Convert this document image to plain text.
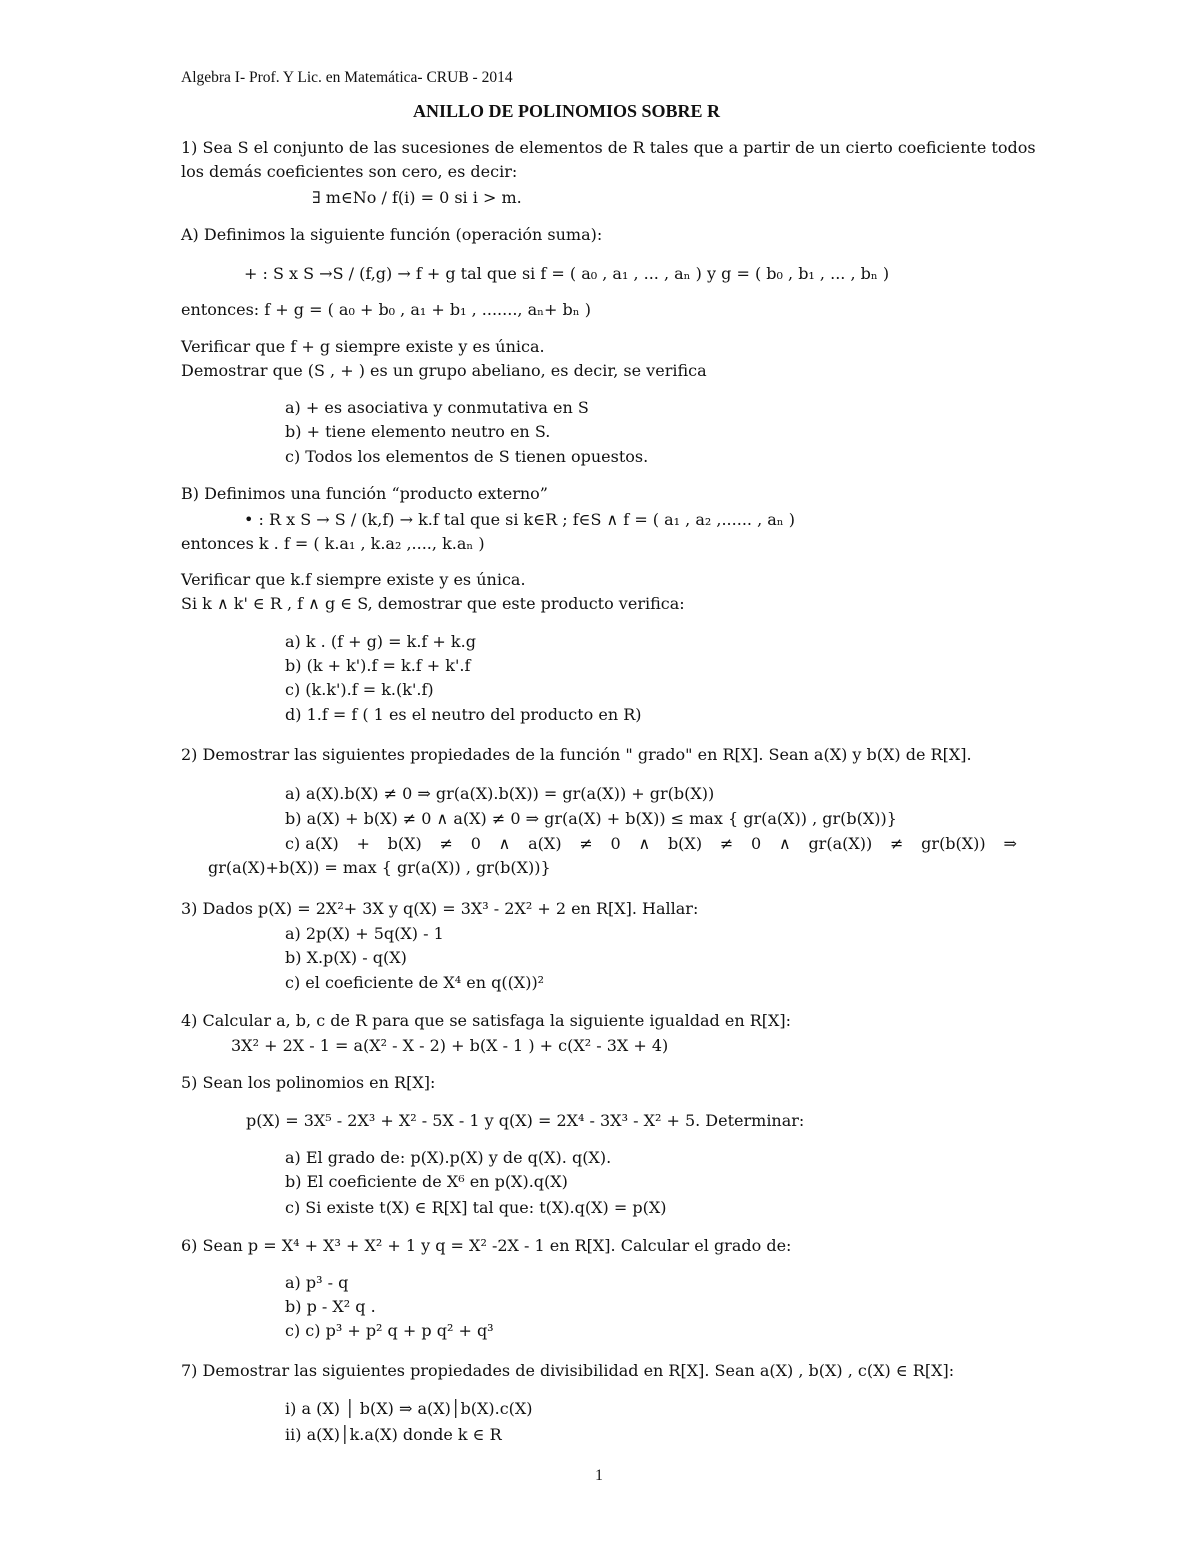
Algebra I- Prof. Y Lic. en Matemática- CRUB - 2014
ANILLO DE POLINOMIOS SOBRE R
1) Sea S el conjunto de las sucesiones de elementos de R tales que a partir de un cierto coeficiente todos
los demás coeficientes son cero, es decir:
∃ m∈No / f(i) = 0 si i > m.
A) Definimos la siguiente función (operación suma):
+ : S x S →S / (f,g) → f + g tal que si f = ( a₀ , a₁ , ... , aₙ ) y g = ( b₀ , b₁ , ... , bₙ )
entonces: f + g = ( a₀ + b₀ , a₁ + b₁ , ......., aₙ+ bₙ )
Verificar que f + g siempre existe y es única.
Demostrar que (S , + ) es un grupo abeliano, es decir, se verifica
a) + es asociativa y conmutativa en S
b) + tiene elemento neutro en S.
c) Todos los elementos de S tienen opuestos.
B) Definimos una función “producto externo”
• : R x S → S / (k,f) → k.f tal que si k∈R ; f∈S ∧ f = ( a₁ , a₂ ,...... , aₙ )
entonces k . f = ( k.a₁ , k.a₂ ,...., k.aₙ )
Verificar que k.f siempre existe y es única.
Si k ∧ k' ∈ R , f ∧ g ∈ S, demostrar que este producto verifica:
a) k . (f + g) = k.f + k.g
b) (k + k').f = k.f + k'.f
c) (k.k').f = k.(k'.f)
d) 1.f = f ( 1 es el neutro del producto en R)
2) Demostrar las siguientes propiedades de la función " grado" en R[X]. Sean a(X) y b(X) de R[X].
a) a(X).b(X) ≠ 0 ⇒ gr(a(X).b(X)) = gr(a(X)) + gr(b(X))
b) a(X) + b(X) ≠ 0 ∧ a(X) ≠ 0 ⇒ gr(a(X) + b(X)) ≤ max { gr(a(X)) , gr(b(X))}
c) a(X) + b(X) ≠ 0 ∧ a(X) ≠ 0 ∧ b(X) ≠ 0 ∧ gr(a(X)) ≠ gr(b(X)) ⇒
gr(a(X)+b(X)) = max { gr(a(X)) , gr(b(X))}
3) Dados p(X) = 2X²+ 3X y q(X) = 3X³ - 2X² + 2 en R[X]. Hallar:
a) 2p(X) + 5q(X) - 1
b) X.p(X) - q(X)
c) el coeficiente de X⁴ en q((X))²
4) Calcular a, b, c de R para que se satisfaga la siguiente igualdad en R[X]:
3X² + 2X - 1 = a(X² - X - 2) + b(X - 1 ) + c(X² - 3X + 4)
5) Sean los polinomios en R[X]:
p(X) = 3X⁵ - 2X³ + X² - 5X - 1 y q(X) = 2X⁴ - 3X³ - X² + 5. Determinar:
a) El grado de: p(X).p(X) y de q(X). q(X).
b) El coeficiente de X⁶ en p(X).q(X)
c) Si existe t(X) ∈ R[X] tal que: t(X).q(X) = p(X)
6) Sean p = X⁴ + X³ + X² + 1 y q = X² -2X - 1 en R[X]. Calcular el grado de:
a) p³ - q
b) p - X² q .
c) c) p³ + p² q + p q² + q³
7) Demostrar las siguientes propiedades de divisibilidad en R[X]. Sean a(X) , b(X) , c(X) ∈ R[X]:
i) a (X) │ b(X) ⇒ a(X)│b(X).c(X)
ii) a(X)│k.a(X) donde k ∈ R
1
